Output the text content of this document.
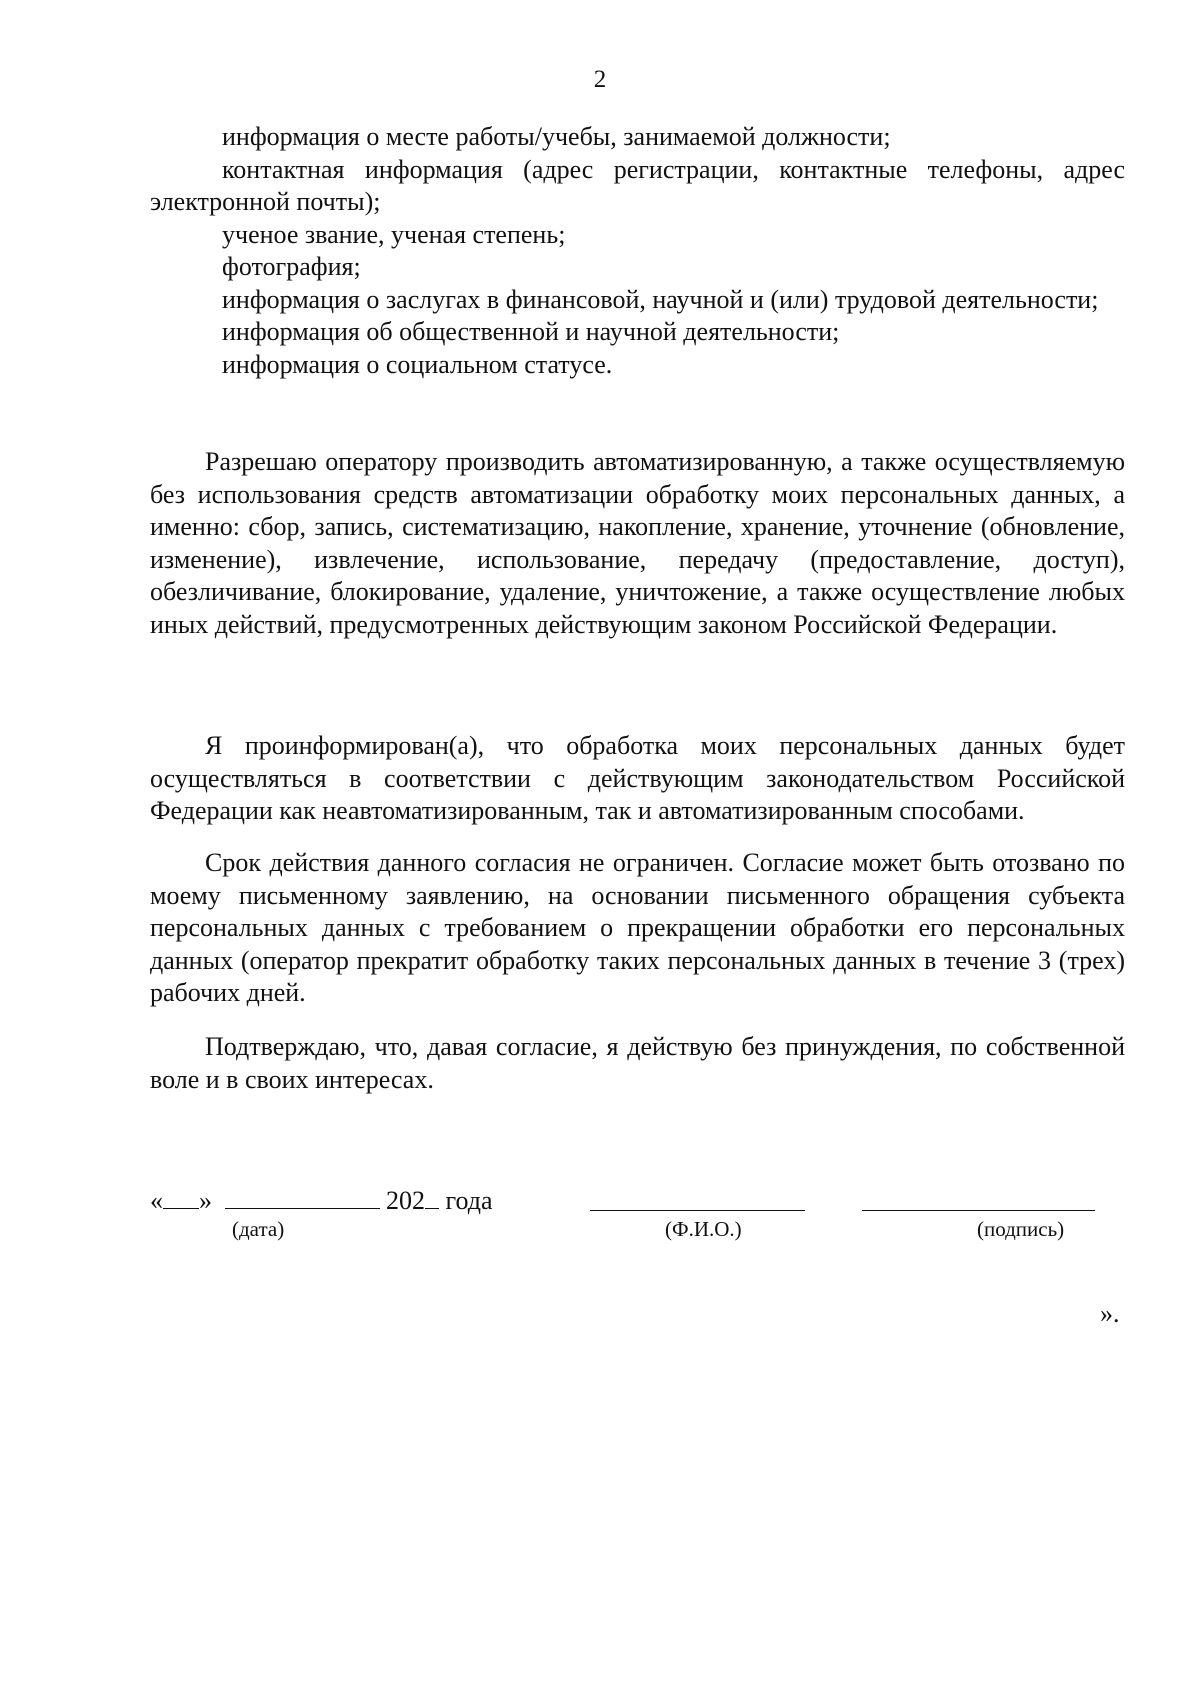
2

информация о месте работы/учебы, занимаемой должности;

контактная информация (адрес регистрации, контактные телефоны, адрес электронной почты);

ученое звание, ученая степень;

фотография;

информация о заслугах в финансовой, научной и (или) трудовой деятельности;

информация об общественной и научной деятельности;

информация о социальном статусе.

Разрешаю оператору производить автоматизированную, а также осуществляемую без использования средств автоматизации обработку моих персональных данных, а именно: сбор, запись, систематизацию, накопление, хранение, уточнение (обновление, изменение), извлечение, использование, передачу (предоставление, доступ), обезличивание, блокирование, удаление, уничтожение, а также осуществление любых иных действий, предусмотренных действующим законом Российской Федерации.

Я проинформирован(а), что обработка моих персональных данных будет осуществляться в соответствии с действующим законодательством Российской Федерации как неавтоматизированным, так и автоматизированным способами.

Срок действия данного согласия не ограничен. Согласие может быть отозвано по моему письменному заявлению, на основании письменного обращения субъекта персональных данных с требованием о прекращении обработки его персональных данных (оператор прекратит обработку таких персональных данных в течение 3 (трех) рабочих дней.

Подтверждаю, что, давая согласие, я действую без принуждения, по собственной воле и в своих интересах.

« »	202 года
(дата)	(Ф.И.О.)	(подпись)
».
